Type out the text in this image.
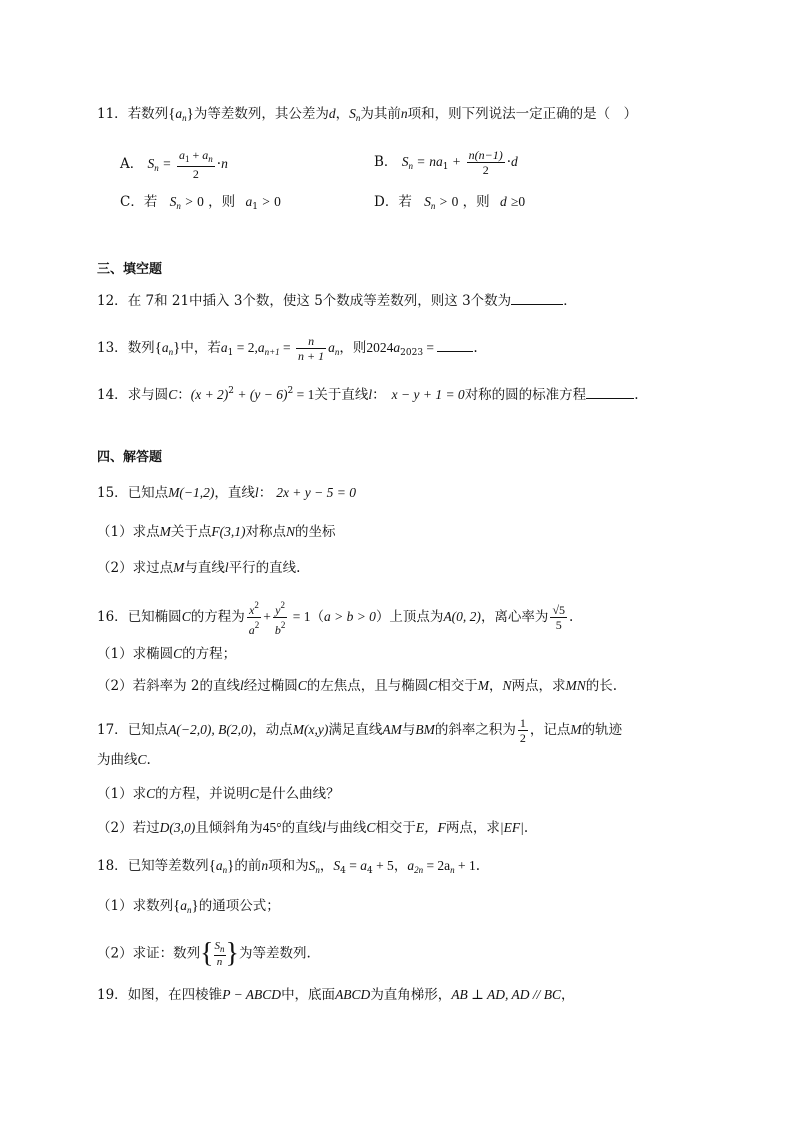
11．若数列$\{a_n\}$为等差数列，其公差为d，$S_n$为其前n项和，则下列说法一定正确的是（　）
A． $S_n = \frac{a_1 + a_n}{2} \cdot n$	B． $S_n = na_1 + \frac{n(n-1)}{2} \cdot d$
C．若 $S_n > 0$ ，则 $a_1 > 0$	D．若 $S_n > 0$ ，则 d ≥0
三、填空题
12．在 7和 21中插入 3个数，使这 5个数成等差数列，则这 3个数为	．
13．数列$\{a_n\}$中，若$a_1 = 2,a_{n+1} = \frac{n}{n + 1} a_n$，则$2024a_{2023}$ =	.
14．求与圆C：$(x + 2)^2 + (y - 6)^2 = 1$关于直线l： x − y + 1 = 0对称的圆的标准方程	.
四、解答题
15．已知点M(−1,2)，直线l： 2x + y − 5 = 0
（1）求点M关于点F(3,1)对称点N的坐标
（2）求过点M与直线l平行的直线.
16．已知椭圆C的方程为 $\frac{x^2}{a^2} + \frac{y^2}{b^2} = 1(a > b > 0)$上顶点为A(0, 2)，离心率为 $\frac{√5}{5}$ .
（1）求椭圆C的方程；
（2）若斜率为 2的直线l经过椭圆C的左焦点，且与椭圆C相交于M，N两点，求MN的长.
17．已知点A(−2,0), B(2,0)，动点M(x,y)满足直线AM与BM的斜率之积为 $\frac{1}{2}$ ，记点M的轨迹
为曲线C.
（1）求C的方程，并说明C是什么曲线？
（2）若过D(3,0)且倾斜角为45°的直线l与曲线C相交于E，F两点，求|EF|.
18．已知等差数列$\{a_n\}$的前n项和为$S_n$，$S_4 = a_4 + 5$，$a_{2n} = 2a_n + 1$.
（1）求数列$\{a_n\}$的通项公式；
（2）求证：数列{ $\frac{S_n}{n}$}为等差数列.
19．如图，在四棱锥P − ABCD中，底面ABCD为直角梯形，AB ⊥ AD, AD // BC，
